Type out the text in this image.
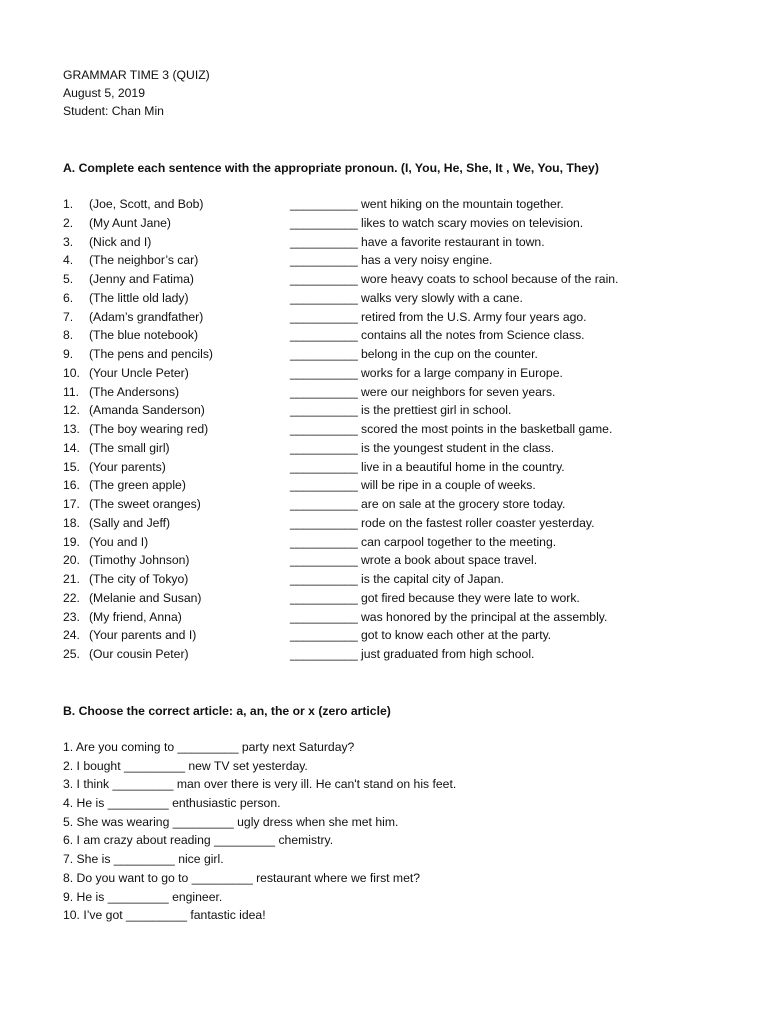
GRAMMAR TIME 3 (QUIZ)
August 5, 2019
Student: Chan Min
A. Complete each sentence with the appropriate pronoun. (I, You, He, She, It , We, You, They)
1. (Joe, Scott, and Bob)	__________ went hiking on the mountain together.
2. (My Aunt Jane)	__________ likes to watch scary movies on television.
3. (Nick and I)	__________ have a favorite restaurant in town.
4. (The neighbor’s car)	__________ has a very noisy engine.
5. (Jenny and Fatima)	__________ wore heavy coats to school because of the rain.
6. (The little old lady)	__________ walks very slowly with a cane.
7. (Adam’s grandfather)	__________ retired from the U.S. Army four years ago.
8. (The blue notebook)	__________ contains all the notes from Science class.
9. (The pens and pencils)	__________ belong in the cup on the counter.
10. (Your Uncle Peter)	__________ works for a large company in Europe.
11. (The Andersons)	__________ were our neighbors for seven years.
12. (Amanda Sanderson)	__________ is the prettiest girl in school.
13. (The boy wearing red)	__________ scored the most points in the basketball game.
14. (The small girl)	__________ is the youngest student in the class.
15. (Your parents)	__________ live in a beautiful home in the country.
16. (The green apple)	__________ will be ripe in a couple of weeks.
17. (The sweet oranges)	__________ are on sale at the grocery store today.
18. (Sally and Jeff)	__________ rode on the fastest roller coaster yesterday.
19. (You and I)	__________ can carpool together to the meeting.
20. (Timothy Johnson)	__________ wrote a book about space travel.
21. (The city of Tokyo)	__________ is the capital city of Japan.
22. (Melanie and Susan)	__________ got fired because they were late to work.
23. (My friend, Anna)	__________ was honored by the principal at the assembly.
24. (Your parents and I)	__________ got to know each other at the party.
25. (Our cousin Peter)	__________ just graduated from high school.
B. Choose the correct article: a, an, the or x (zero article)
1. Are you coming to _________ party next Saturday?
2. I bought _________ new TV set yesterday.
3. I think _________ man over there is very ill. He can't stand on his feet.
4. He is _________ enthusiastic person.
5. She was wearing _________ ugly dress when she met him.
6. I am crazy about reading _________ chemistry.
7. She is _________ nice girl.
8. Do you want to go to _________ restaurant where we first met?
9. He is _________ engineer.
10. I’ve got _________ fantastic idea!
